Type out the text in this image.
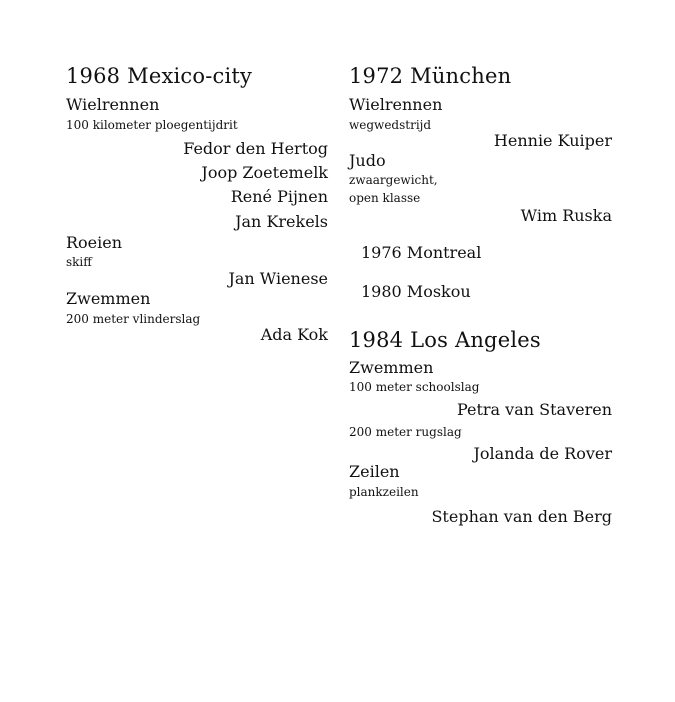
1968 Mexico-city
Wielrennen
100 kilometer ploegentijdrit
Fedor den Hertog
Joop Zoetemelk
René Pijnen
Jan Krekels
Roeien
skiff
Jan Wienese
Zwemmen
200 meter vlinderslag
Ada Kok
1972 München
Wielrennen
wegwedstrijd
Hennie Kuiper
Judo
zwaargewicht,
open klasse
Wim Ruska
1976 Montreal
1980 Moskou
1984 Los Angeles
Zwemmen
100 meter schoolslag
Petra van Staveren
200 meter rugslag
Jolanda de Rover
Zeilen
plankzeilen
Stephan van den Berg
